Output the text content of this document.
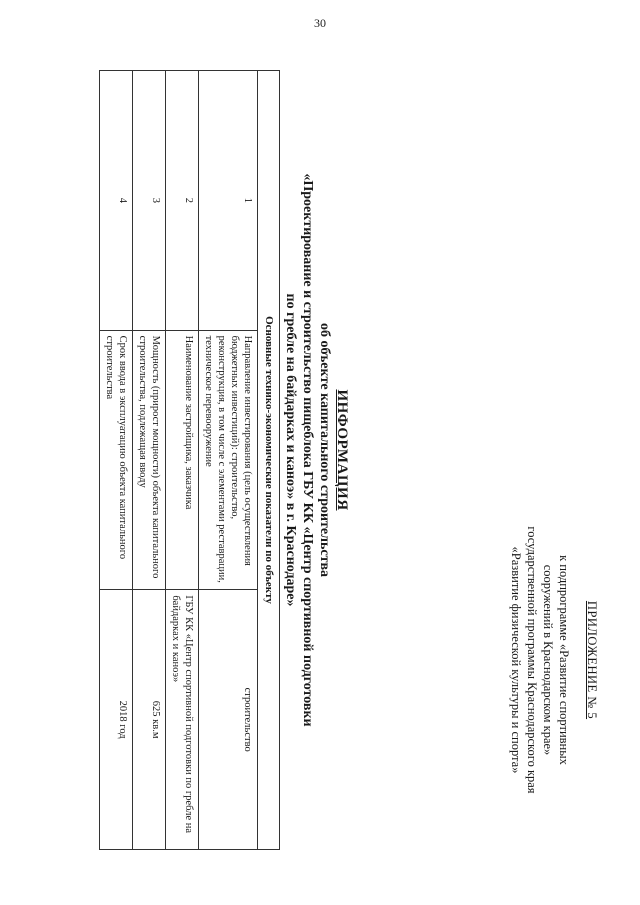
30
ПРИЛОЖЕНИЕ № 5
к подпрограмме «Развитие спортивных
сооружений в Краснодарском крае»
государственной программы Краснодарского края
«Развитие физической культуры и спорта»
ИНФОРМАЦИЯ
об объекте капитального строительства
«Проектирование и строительство пищеблока ГБУ КК «Центр спортивной подготовки
по гребле на байдарках и каноэ» в г. Краснодаре»
Основные технико-экономические показатели по объекту		
1	Направление инвестирования (цель осуществления бюджетных инвестиций): строительство, реконструкция, в том числе с элементами реставрации, техническое перевооружение	строительство
2	Наименование застройщика, заказчика	ГБУ КК «Центр спортивной подготовки по гребле на байдарках и каноэ»
3	Мощность (прирост мощности) объекта капитального строительства, подлежащая вводу	625 кв.м
4	Срок ввода в эксплуатацию объекта капитального строительства	2018 год
